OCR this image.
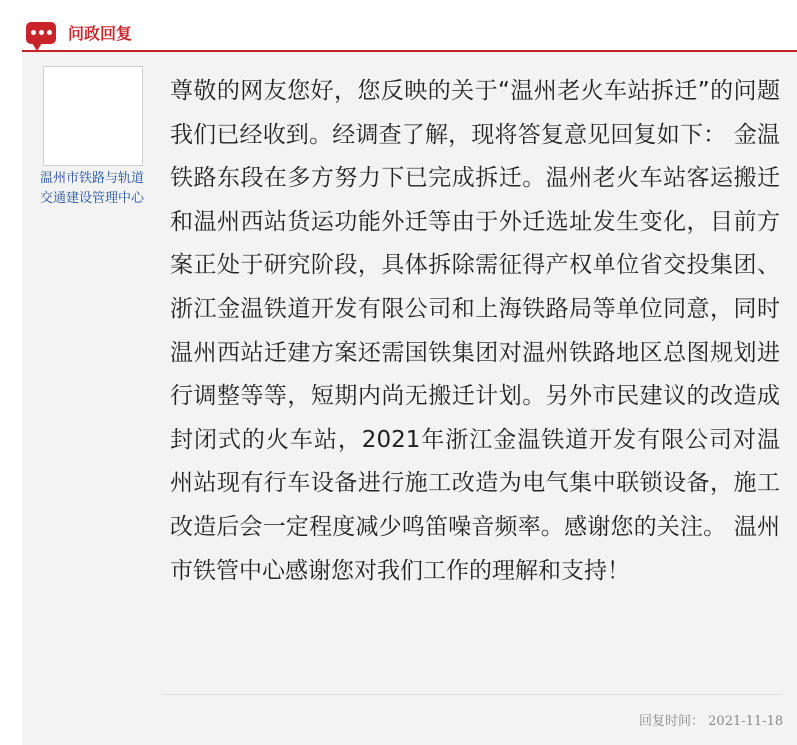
问政回复
温州市铁路与轨道交通建设管理中心

尊敬的网友您好，您反映的关于“温州老火车站拆迁”的问题我们已经收到。经调查了解，现将答复意见回复如下： 金温铁路东段在多方努力下已完成拆迁。温州老火车站客运搬迁和温州西站货运功能外迁等由于外迁选址发生变化，目前方案正处于研究阶段，具体拆除需征得产权单位省交投集团、浙江金温铁道开发有限公司和上海铁路局等单位同意，同时温州西站迁建方案还需国铁集团对温州铁路地区总图规划进行调整等等，短期内尚无搬迁计划。另外市民建议的改造成封闭式的火车站，2021年浙江金温铁道开发有限公司对温州站现有行车设备进行施工改造为电气集中联锁设备，施工改造后会一定程度减少鸣笛噪音频率。感谢您的关注。 温州市铁管中心感谢您对我们工作的理解和支持！

回复时间： 2021-11-18
